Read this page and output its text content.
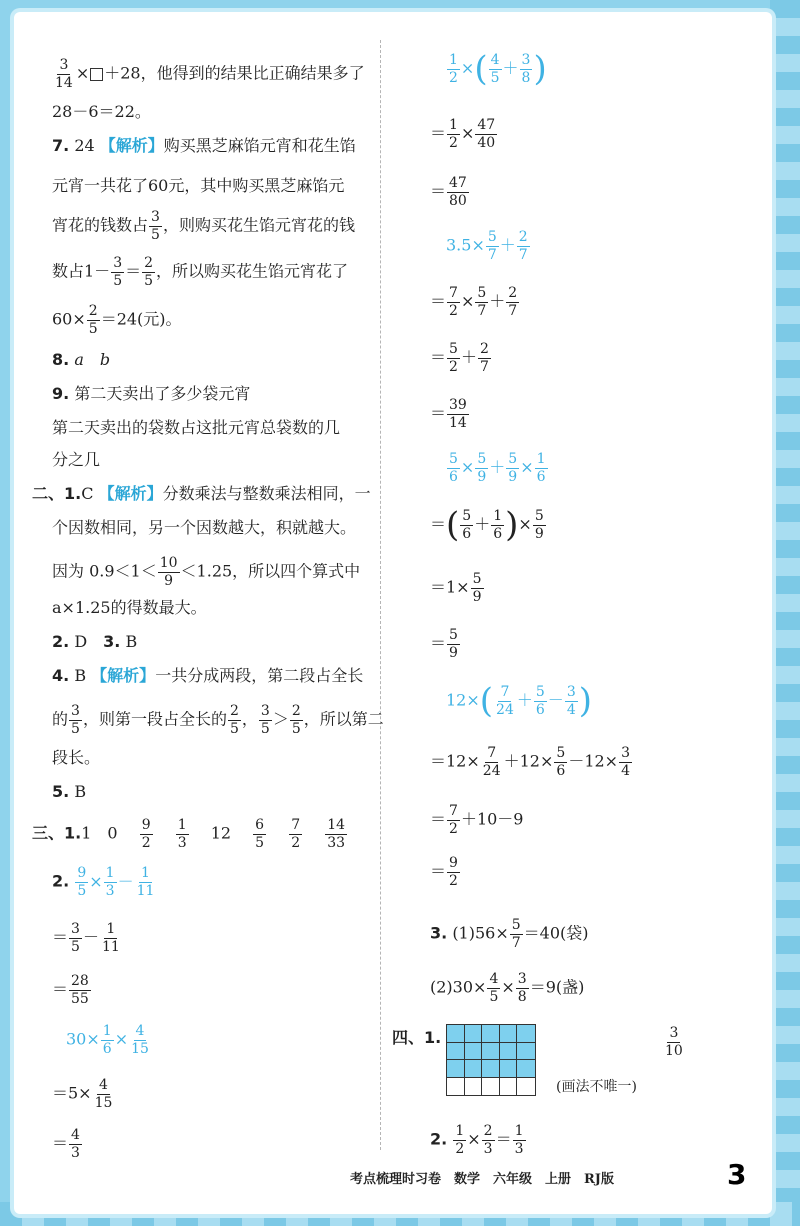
$\frac{3}{14} \times +28$，他得到的结果比正确结果多了
28－6＝22。
7. 24 【解析】购买黑芝麻馅元宵和花生馅
元宵一共花了60元，其中购买黑芝麻馅元
宵花的钱数占 $\frac{3}{5}$ ，则购买花生馅元宵花的钱
数占$1- \frac{3}{5} = \frac{2}{5}$ ，所以购买花生馅元宵花了
$60\times \frac{2}{5} =24$(元)。
8. a　b
9. 第二天卖出了多少袋元宵
第二天卖出的袋数占这批元宵总袋数的几
分之几
二、1.C 【解析】分数乘法与整数乘法相同，一
个因数相同，另一个因数越大，积就越大。
因为 $0.9<1< \frac{10}{9} <1.25$，所以四个算式中
a×1.25的得数最大。
2. D　 3. B
4. B 【解析】一共分成两段，第二段占全长
的 $\frac{3}{5}$ ，则第一段占全长的 $\frac{2}{5}$ ， $\frac{3}{5} > \frac{2}{5}$ ，所以第二
段长。
5. B
三、1.1　0　 $\frac{9}{2}$
　 $\frac{1}{3}$
　 12　 $\frac{6}{5}$
　 $\frac{7}{2}$
　 $\frac{14}{33}$
2. $\frac{9}{5} \times \frac{1}{3} - \frac{1}{11}$
＝ $\frac{3}{5} - \frac{1}{11}$
＝ $\frac{28}{55}$
$30\times \frac{1}{6} \times \frac{4}{15}$
$=5\times \frac{4}{15}$
＝ $\frac{4}{3}$
$\frac{1}{2}$ ×( $\frac{4}{5} + \frac{3}{8}$ )
＝ $\frac{1}{2} \times \frac{47}{40}$
＝ $\frac{47}{80}$
$3.5\times \frac{5}{7} + \frac{2}{7}$
＝ $\frac{7}{2} \times \frac{5}{7} + \frac{2}{7}$
＝ $\frac{5}{2} + \frac{2}{7}$
＝ $\frac{39}{14}$
$\frac{5}{6} \times \frac{5}{9} + \frac{5}{9} \times \frac{1}{6}$
＝( $\frac{5}{6} + \frac{1}{6}$ )× $\frac{5}{9}$
$=1\times \frac{5}{9}$
＝ $\frac{5}{9}$
$12\times( \frac{7}{24} + \frac{5}{6} - \frac{3}{4}$ )
$=12\times \frac{7}{24} +12\times \frac{5}{6} -12\times \frac{3}{4}$
＝ $\frac{7}{2} +10-9$
＝ $\frac{9}{2}$
3. $(1)56\times \frac{5}{7} =40$(袋)
$(2)30\times \frac{4}{5} \times \frac{3}{8} =9$(盏)
四、1.	$\frac{3}{10}$
(画法不唯一)
2. $\frac{1}{2} \times \frac{2}{3} = \frac{1}{3}$
考点梳理时习卷　数学　六年级　上册　RJ版	3
